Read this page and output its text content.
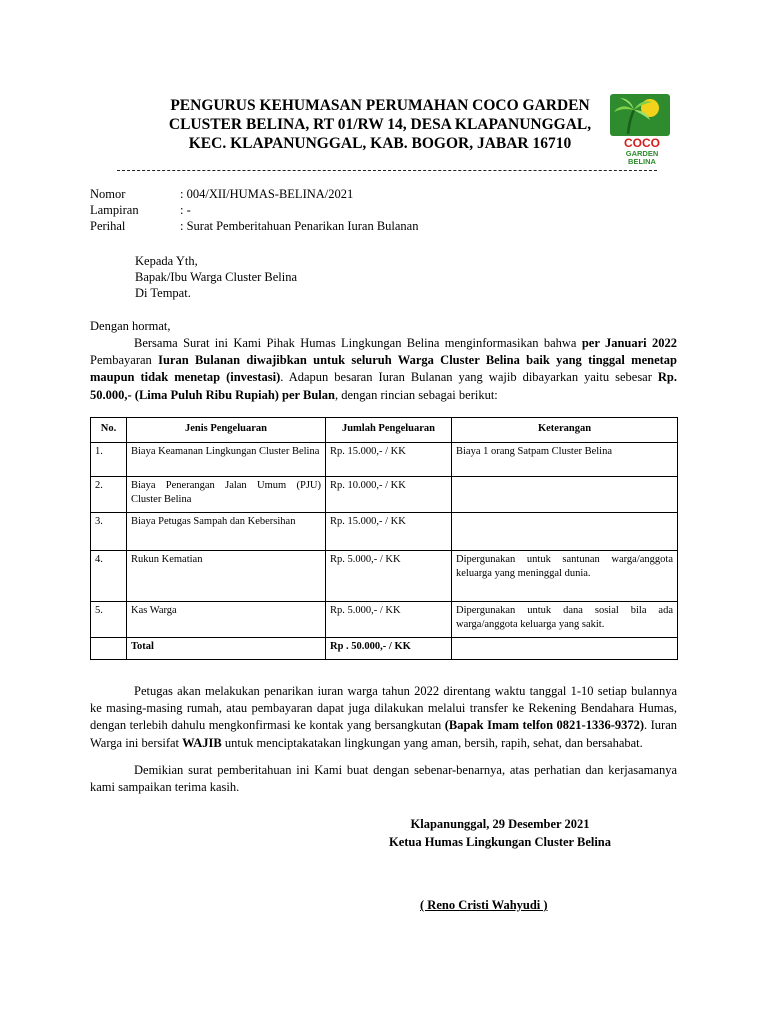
PENGURUS KEHUMASAN PERUMAHAN COCO GARDEN
CLUSTER BELINA, RT 01/RW 14, DESA KLAPANUNGGAL,
KEC. KLAPANUNGGAL, KAB. BOGOR, JABAR 16710	COCO
GARDEN
BELINA
Nomor	: 004/XII/HUMAS-BELINA/2021
Lampiran	: -
Perihal	: Surat Pemberitahuan Penarikan Iuran Bulanan
Kepada Yth,
Bapak/Ibu Warga Cluster Belina
Di Tempat.
Dengan hormat,
Bersama Surat ini Kami Pihak Humas Lingkungan Belina menginformasikan bahwa per Januari 2022 Pembayaran Iuran Bulanan diwajibkan untuk seluruh Warga Cluster Belina baik yang tinggal menetap maupun tidak menetap (investasi). Adapun besaran Iuran Bulanan yang wajib dibayarkan yaitu sebesar Rp. 50.000,- (Lima Puluh Ribu Rupiah) per Bulan, dengan rincian sebagai berikut:
No.	Jenis Pengeluaran	Jumlah Pengeluaran	Keterangan
1.	Biaya Keamanan Lingkungan Cluster Belina	Rp. 15.000,- / KK	Biaya 1 orang Satpam Cluster Belina
2.	Biaya Penerangan Jalan Umum (PJU) Cluster Belina	Rp. 10.000,- / KK	
3.	Biaya Petugas Sampah dan Kebersihan	Rp. 15.000,- / KK	
4.	Rukun Kematian	Rp. 5.000,- / KK	Dipergunakan untuk santunan warga/anggota keluarga yang meninggal dunia.
5.	Kas Warga	Rp. 5.000,- / KK	Dipergunakan untuk dana sosial bila ada warga/anggota keluarga yang sakit.
	Total	Rp . 50.000,- / KK	
Petugas akan melakukan penarikan iuran warga tahun 2022 direntang waktu tanggal 1-10 setiap bulannya ke masing-masing rumah, atau pembayaran dapat juga dilakukan melalui transfer ke Rekening Bendahara Humas, dengan terlebih dahulu mengkonfirmasi ke kontak yang bersangkutan (Bapak Imam telfon 0821-1336-9372). Iuran Warga ini bersifat WAJIB untuk menciptakatakan lingkungan yang aman, bersih, rapih, sehat, dan bersahabat.
Demikian surat pemberitahuan ini Kami buat dengan sebenar-benarnya, atas perhatian dan kerjasamanya kami sampaikan terima kasih.
Klapanunggal, 29 Desember 2021
Ketua Humas Lingkungan Cluster Belina
( Reno Cristi Wahyudi )
